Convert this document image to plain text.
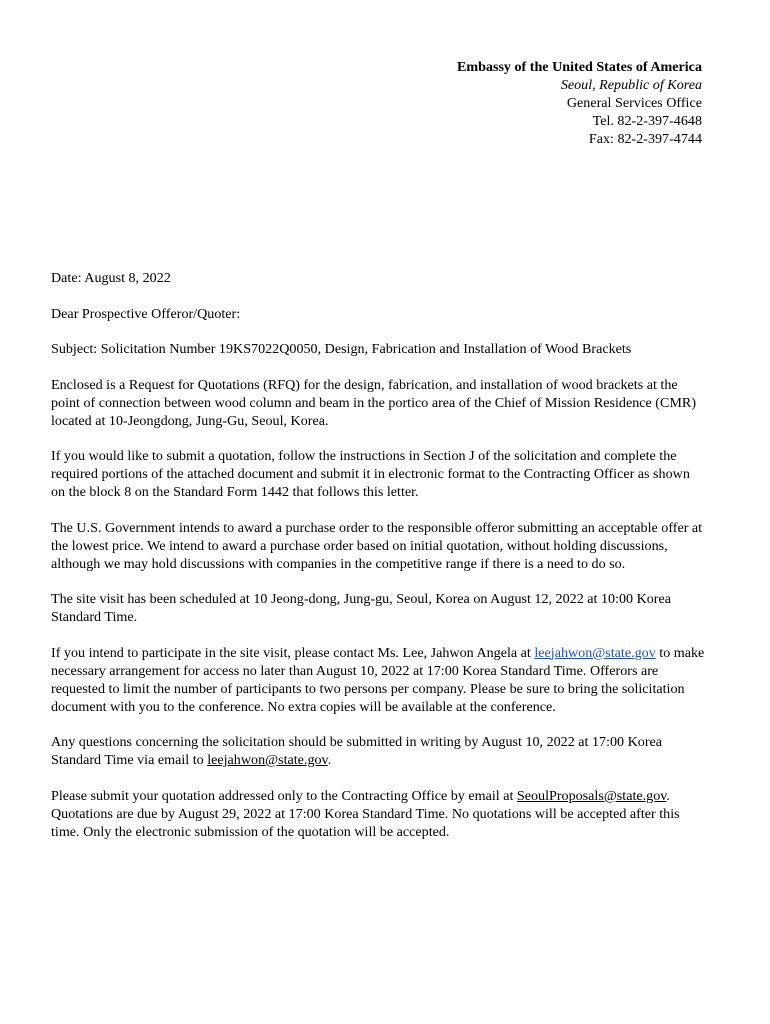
Embassy of the United States of America
Seoul, Republic of Korea
General Services Office
Tel. 82-2-397-4648
Fax: 82-2-397-4744

Date: August 8, 2022

Dear Prospective Offeror/Quoter:

Subject: Solicitation Number 19KS7022Q0050, Design, Fabrication and Installation of Wood Brackets

Enclosed is a Request for Quotations (RFQ) for the design, fabrication, and installation of wood brackets at the point of connection between wood column and beam in the portico area of the Chief of Mission Residence (CMR) located at 10-Jeongdong, Jung-Gu, Seoul, Korea.

If you would like to submit a quotation, follow the instructions in Section J of the solicitation and complete the required portions of the attached document and submit it in electronic format to the Contracting Officer as shown on the block 8 on the Standard Form 1442 that follows this letter.

The U.S. Government intends to award a purchase order to the responsible offeror submitting an acceptable offer at the lowest price. We intend to award a purchase order based on initial quotation, without holding discussions, although we may hold discussions with companies in the competitive range if there is a need to do so.

The site visit has been scheduled at 10 Jeong-dong, Jung-gu, Seoul, Korea on August 12, 2022 at 10:00 Korea Standard Time.

If you intend to participate in the site visit, please contact Ms. Lee, Jahwon Angela at leejahwon@state.gov to make necessary arrangement for access no later than August 10, 2022 at 17:00 Korea Standard Time. Offerors are requested to limit the number of participants to two persons per company. Please be sure to bring the solicitation document with you to the conference. No extra copies will be available at the conference.

Any questions concerning the solicitation should be submitted in writing by August 10, 2022 at 17:00 Korea Standard Time via email to leejahwon@state.gov.

Please submit your quotation addressed only to the Contracting Office by email at SeoulProposals@state.gov. Quotations are due by August 29, 2022 at 17:00 Korea Standard Time. No quotations will be accepted after this time. Only the electronic submission of the quotation will be accepted.
